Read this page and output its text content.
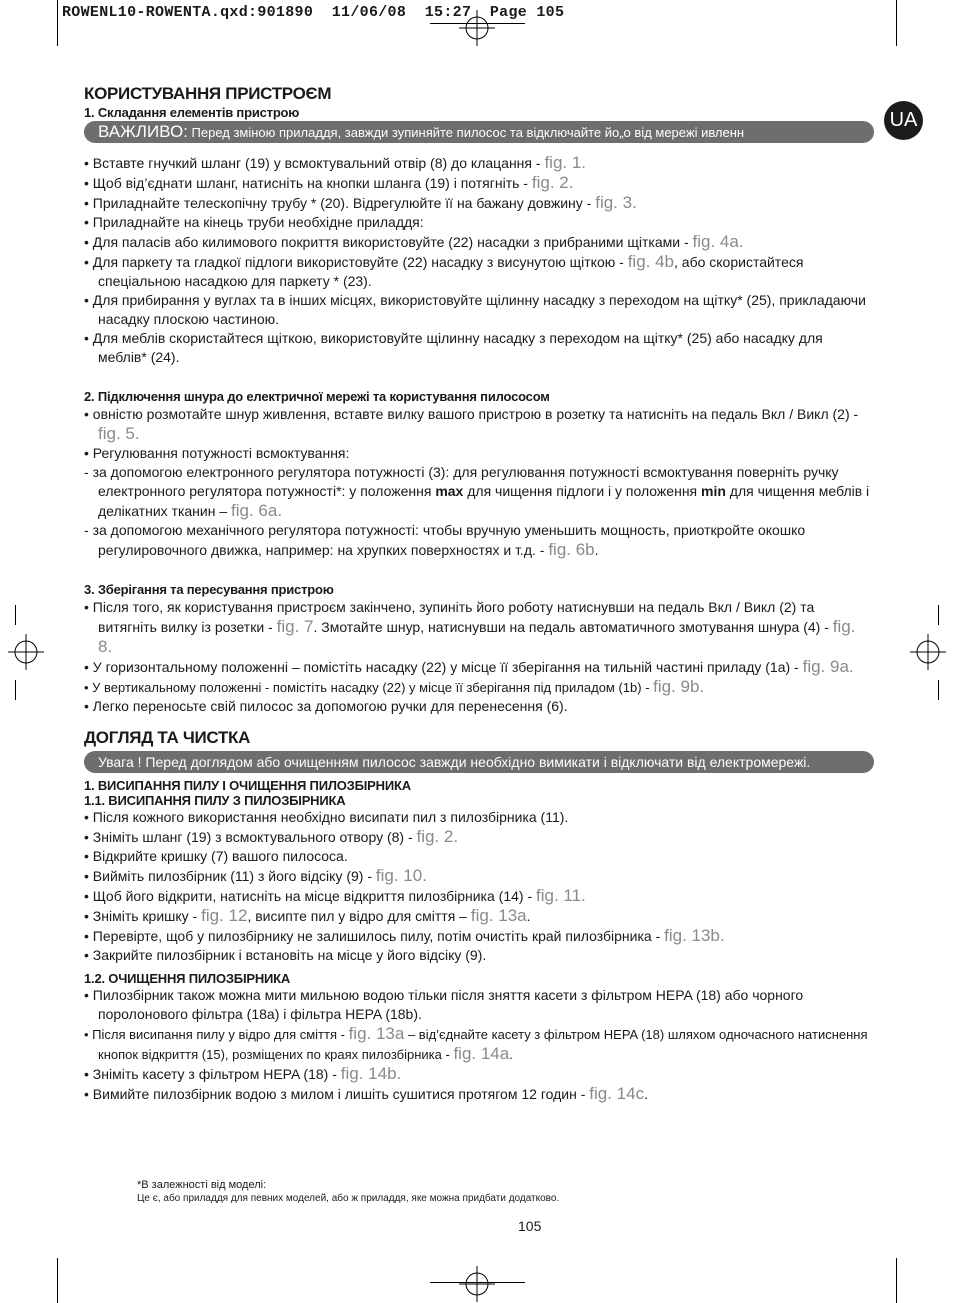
ROWENL10-ROWENTA.qxd:901890  11/06/08  15:27  Page 105
UA
КОРИСТУВАННЯ ПРИСТРОЄМ
1. Складання елементів пристрою
ВАЖЛИВО: Перед зміною приладдя, завжди зупиняйте пилосос та відключайте йо„о від мережі ивленн
• Вставте гнучкий шланг (19) у всмоктувальний отвір (8) до клацання - fig. 1.
• Щоб від’єднати шланг, натисніть на кнопки шланга (19) і потягніть - fig. 2.
• Приладнайте телескопічну трубу * (20). Відрегулюйте її на бажану довжину - fig. 3.
• Приладнайте на кінець труби необхідне приладдя:
• Для паласів або килимового покриття використовуйте (22) насадки з прибраними щітками - fig. 4a.
• Для паркету та гладкої підлоги використовуйте (22) насадку з висунутою щіткою - fig. 4b, або скористайтеся спеціальною насадкою для паркету * (23).
• Для прибирання у вуглах та в інших місцях, використовуйте щілинну насадку з переходом на щітку* (25), прикладаючи насадку плоскою частиною.
• Для меблів скористайтеся щіткою, використовуйте щілинну насадку з переходом на щітку* (25) або насадку для меблів* (24).
2. Підключення шнура до електричної мережі та користування пилососом
• овністю розмотайте шнур живлення, вставте вилку вашого пристрою в розетку та натисніть на педаль Вкл / Викл (2) - fig. 5.
• Регулювання потужності всмоктування:
- за допомогою електронного регулятора потужності (3): для регулювання потужності всмоктування поверніть ручку електронного регулятора потужності*: у положення max для чищення підлоги і у положення min для чищення меблів і делікатних тканин – fig. 6a.
- за допомогою механічного регулятора потужності: чтобы вручную уменьшить мощность, приоткройте окошко регулировочного движка, например: на хрупких поверхностях и т.д. - fig. 6b.
3. Зберігання та пересування пристрою
• Після того, як користування пристроєм закінчено, зупиніть його роботу натиснувши на педаль Вкл / Викл (2) та витягніть вилку із розетки - fig. 7. Змотайте шнур, натиснувши на педаль автоматичного змотування шнура (4) - fig. 8.
• У горизонтальному положенні – помістіть насадку (22) у місце її зберігання на тильній частині приладу (1a) - fig. 9a.
• У вертикальному положенні - помістіть насадку (22) у місце її зберігання під приладом (1b) - fig. 9b.
• Легко переносьте свій пилосос за допомогою ручки для перенесення (6).
ДОГЛЯД ТА ЧИСТКА
Увага ! Перед доглядом або очищенням пилосос завжди необхідно вимикати і відключати від електромережі.
1. ВИСИПАННЯ ПИЛУ І ОЧИЩЕННЯ ПИЛОЗБІРНИКА
1.1. ВИСИПАННЯ ПИЛУ З ПИЛОЗБІРНИКА
• Після кожного використання необхідно висипати пил з пилозбірника (11).
• Зніміть шланг (19) з всмоктувального отвору (8) - fig. 2.
• Відкрийте кришку (7) вашого пилососа.
• Вийміть пилозбірник (11) з його відсіку (9) - fig. 10.
• Щоб його відкрити, натисніть на місце відкриття пилозбірника (14) - fig. 11.
• Зніміть кришку - fig. 12, висипте пил у відро для сміття – fig. 13a.
• Перевірте, щоб у пилозбірнику не залишилось пилу, потім очистіть край пилозбірника - fig. 13b.
• Закрийте пилозбірник і встановіть на місце у його відсіку (9).
1.2. ОЧИЩЕННЯ ПИЛОЗБІРНИКА
• Пилозбірник також можна мити мильною водою тільки після зняття касети з фільтром HEPA (18) або чорного поролонового фільтра (18a) і фільтра HEPA (18b).
• Після висипання пилу у відро для сміття - fig. 13a – від’єднайте касету з фільтром HEPA (18) шляхом одночасного натиснення кнопок відкриття (15), розміщених по краях пилозбірника - fig. 14a.
• Зніміть касету з фільтром HEPA (18) - fig. 14b.
• Вимийте пилозбірник водою з милом і лишіть сушитися протягом 12 годин - fig. 14c.
*В залежності від моделі:
Це є, або приладдя для певних моделей, або ж приладдя, яке можна придбати додатково.
105
